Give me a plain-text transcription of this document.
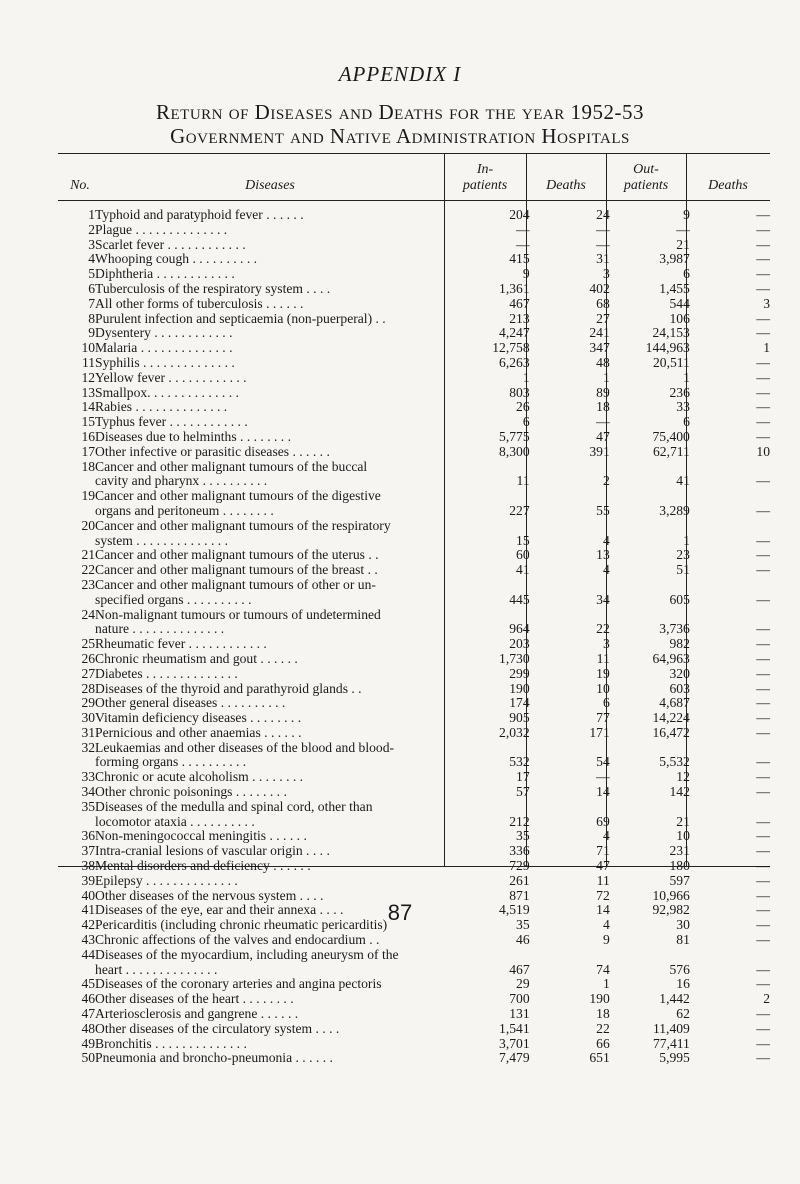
APPENDIX I
Return of Diseases and Deaths for the year 1952-53
Government and Native Administration Hospitals
No.	Diseases
In-
patients	Deaths
Out-
patients	Deaths
1	Typhoid and paratyphoid fever . . . . . .	204	24	9	—
2	Plague . . . . . . . . . . . . . .	—	—	—	—
3	Scarlet fever . . . . . . . . . . . .	—	—	21	—
4	Whooping cough . . . . . . . . . .	415	31	3,987	—
5	Diphtheria . . . . . . . . . . . .	9	3	6	—
6	Tuberculosis of the respiratory system . . . .	1,361	402	1,455	—
7	All other forms of tuberculosis . . . . . .	467	68	544	3
8	Purulent infection and septicaemia (non-puerperal) . .	213	27	106	—
9	Dysentery . . . . . . . . . . . .	4,247	241	24,153	—
10	Malaria . . . . . . . . . . . . . .	12,758	347	144,963	1
11	Syphilis . . . . . . . . . . . . . .	6,263	48	20,511	—
12	Yellow fever . . . . . . . . . . . .	1	1	1	—
13	Smallpox. . . . . . . . . . . . . .	803	89	236	—
14	Rabies . . . . . . . . . . . . . .	26	18	33	—
15	Typhus fever . . . . . . . . . . . .	6	—	6	—
16	Diseases due to helminths . . . . . . . .	5,775	47	75,400	—
17	Other infective or parasitic diseases . . . . . .	8,300	391	62,711	10
18	Cancer and other malignant tumours of the buccal				
	cavity and pharynx . . . . . . . . . .	11	2	41	—
19	Cancer and other malignant tumours of the digestive				
	organs and peritoneum . . . . . . . .	227	55	3,289	—
20	Cancer and other malignant tumours of the respiratory				
	system . . . . . . . . . . . . . .	15	4	1	—
21	Cancer and other malignant tumours of the uterus . .	60	13	23	—
22	Cancer and other malignant tumours of the breast . .	41	4	51	—
23	Cancer and other malignant tumours of other or un-				
	specified organs . . . . . . . . . .	445	34	605	—
24	Non-malignant tumours or tumours of undetermined				
	nature . . . . . . . . . . . . . .	964	22	3,736	—
25	Rheumatic fever . . . . . . . . . . . .	203	3	982	—
26	Chronic rheumatism and gout . . . . . .	1,730	11	64,963	—
27	Diabetes . . . . . . . . . . . . . .	299	19	320	—
28	Diseases of the thyroid and parathyroid glands . .	190	10	603	—
29	Other general diseases . . . . . . . . . .	174	6	4,687	—
30	Vitamin deficiency diseases . . . . . . . .	905	77	14,224	—
31	Pernicious and other anaemias . . . . . .	2,032	171	16,472	—
32	Leukaemias and other diseases of the blood and blood-				
	forming organs . . . . . . . . . .	532	54	5,532	—
33	Chronic or acute alcoholism . . . . . . . .	17	—	12	—
34	Other chronic poisonings . . . . . . . .	57	14	142	—
35	Diseases of the medulla and spinal cord, other than				
	locomotor ataxia . . . . . . . . . .	212	69	21	—
36	Non-meningococcal meningitis . . . . . .	35	4	10	—
37	Intra-cranial lesions of vascular origin . . . .	336	71	231	—
38	Mental disorders and deficiency . . . . . .	729	47	180	—
39	Epilepsy . . . . . . . . . . . . . .	261	11	597	—
40	Other diseases of the nervous system . . . .	871	72	10,966	—
41	Diseases of the eye, ear and their annexa . . . .	4,519	14	92,982	—
42	Pericarditis (including chronic rheumatic pericarditis)	35	4	30	—
43	Chronic affections of the valves and endocardium . .	46	9	81	—
44	Diseases of the myocardium, including aneurysm of the				
	heart . . . . . . . . . . . . . .	467	74	576	—
45	Diseases of the coronary arteries and angina pectoris	29	1	16	—
46	Other diseases of the heart . . . . . . . .	700	190	1,442	2
47	Arteriosclerosis and gangrene . . . . . .	131	18	62	—
48	Other diseases of the circulatory system . . . .	1,541	22	11,409	—
49	Bronchitis . . . . . . . . . . . . . .	3,701	66	77,411	—
50	Pneumonia and broncho-pneumonia . . . . . .	7,479	651	5,995	—
87
